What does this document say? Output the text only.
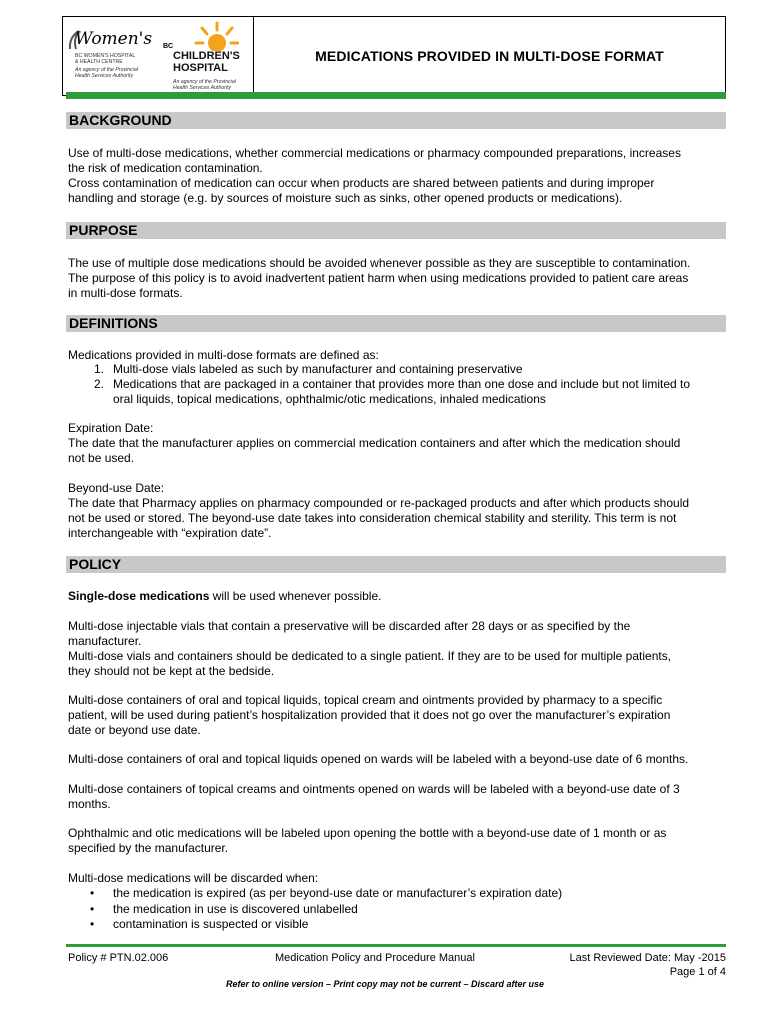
Women's
BC WOMEN'S HOSPITAL
& HEALTH CENTRE
An agency of the Provincial
Health Services Authority
BC
CHILDREN'S
HOSPITAL
An agency of the Provincial
Health Services Authority
MEDICATIONS PROVIDED IN MULTI-DOSE FORMAT
BACKGROUND
Use of multi-dose medications, whether commercial medications or pharmacy compounded preparations, increases
the risk of medication contamination.
Cross contamination of medication can occur when products are shared between patients and during improper
handling and storage (e.g. by sources of moisture such as sinks, other opened products or medications).
PURPOSE
The use of multiple dose medications should be avoided whenever possible as they are susceptible to contamination.
The purpose of this policy is to avoid inadvertent patient harm when using medications provided to patient care areas
in multi-dose formats.
DEFINITIONS
Medications provided in multi-dose formats are defined as:
1. Multi-dose vials labeled as such by manufacturer and containing preservative
2. Medications that are packaged in a container that provides more than one dose and include but not limited to
oral liquids, topical medications, ophthalmic/otic medications, inhaled medications
Expiration Date:
The date that the manufacturer applies on commercial medication containers and after which the medication should
not be used.
Beyond-use Date:
The date that Pharmacy applies on pharmacy compounded or re-packaged products and after which products should
not be used or stored. The beyond-use date takes into consideration chemical stability and sterility. This term is not
interchangeable with “expiration date”.
POLICY
Single-dose medications will be used whenever possible.
Multi-dose injectable vials that contain a preservative will be discarded after 28 days or as specified by the
manufacturer.
Multi-dose vials and containers should be dedicated to a single patient. If they are to be used for multiple patients,
they should not be kept at the bedside.
Multi-dose containers of oral and topical liquids, topical cream and ointments provided by pharmacy to a specific
patient, will be used during patient’s hospitalization provided that it does not go over the manufacturer’s expiration
date or beyond use date.
Multi-dose containers of oral and topical liquids opened on wards will be labeled with a beyond-use date of 6 months.
Multi-dose containers of topical creams and ointments opened on wards will be labeled with a beyond-use date of 3
months.
Ophthalmic and otic medications will be labeled upon opening the bottle with a beyond-use date of 1 month or as
specified by the manufacturer.
Multi-dose medications will be discarded when:
• the medication is expired (as per beyond-use date or manufacturer’s expiration date)
• the medication in use is discovered unlabelled
• contamination is suspected or visible
Policy # PTN.02.006	Medication Policy and Procedure Manual	Last Reviewed Date: May -2015
Page 1 of 4
Refer to online version – Print copy may not be current – Discard after use
